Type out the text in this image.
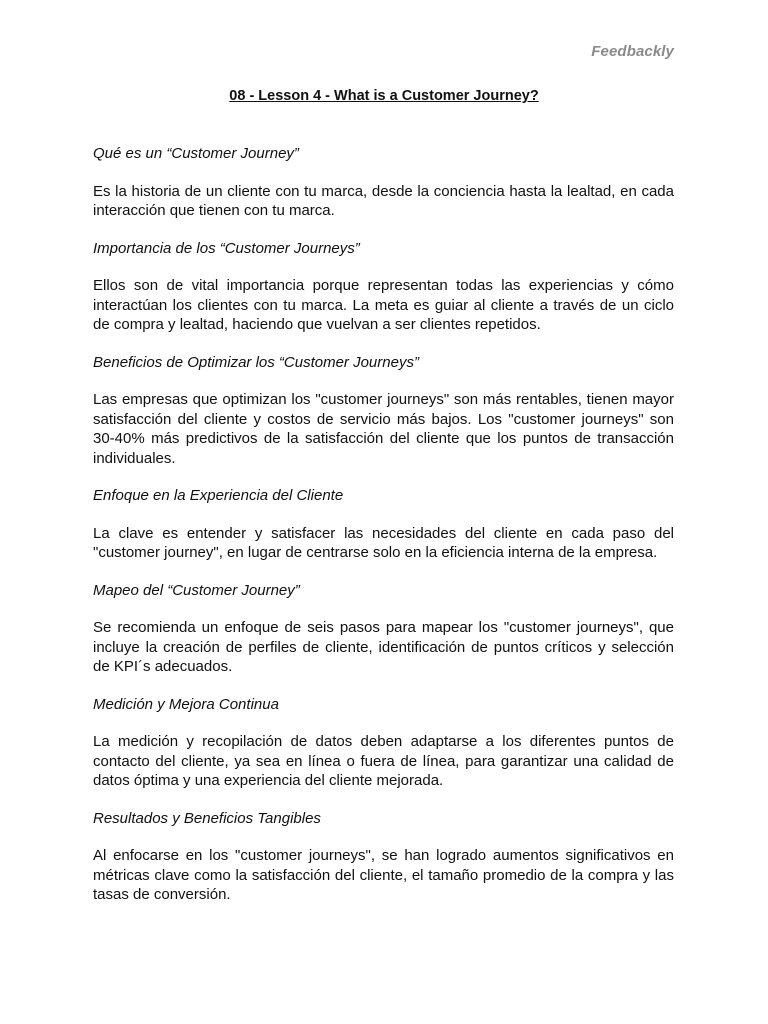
Feedbackly
08 - Lesson 4 - What is a Customer Journey?

Qué es un “Customer Journey”

Es la historia de un cliente con tu marca, desde la conciencia hasta la lealtad, en cada interacción que tienen con tu marca.

Importancia de los “Customer Journeys”

Ellos son de vital importancia porque representan todas las experiencias y cómo interactúan los clientes con tu marca. La meta es guiar al cliente a través de un ciclo de compra y lealtad, haciendo que vuelvan a ser clientes repetidos.

Beneficios de Optimizar los “Customer Journeys”

Las empresas que optimizan los "customer journeys" son más rentables, tienen mayor satisfacción del cliente y costos de servicio más bajos. Los "customer journeys" son 30-40% más predictivos de la satisfacción del cliente que los puntos de transacción individuales.

Enfoque en la Experiencia del Cliente

La clave es entender y satisfacer las necesidades del cliente en cada paso del "customer journey", en lugar de centrarse solo en la eficiencia interna de la empresa.

Mapeo del “Customer Journey”

Se recomienda un enfoque de seis pasos para mapear los "customer journeys", que incluye la creación de perfiles de cliente, identificación de puntos críticos y selección de KPI´s adecuados.

Medición y Mejora Continua

La medición y recopilación de datos deben adaptarse a los diferentes puntos de contacto del cliente, ya sea en línea o fuera de línea, para garantizar una calidad de datos óptima y una experiencia del cliente mejorada.

Resultados y Beneficios Tangibles

Al enfocarse en los "customer journeys", se han logrado aumentos significativos en métricas clave como la satisfacción del cliente, el tamaño promedio de la compra y las tasas de conversión.
